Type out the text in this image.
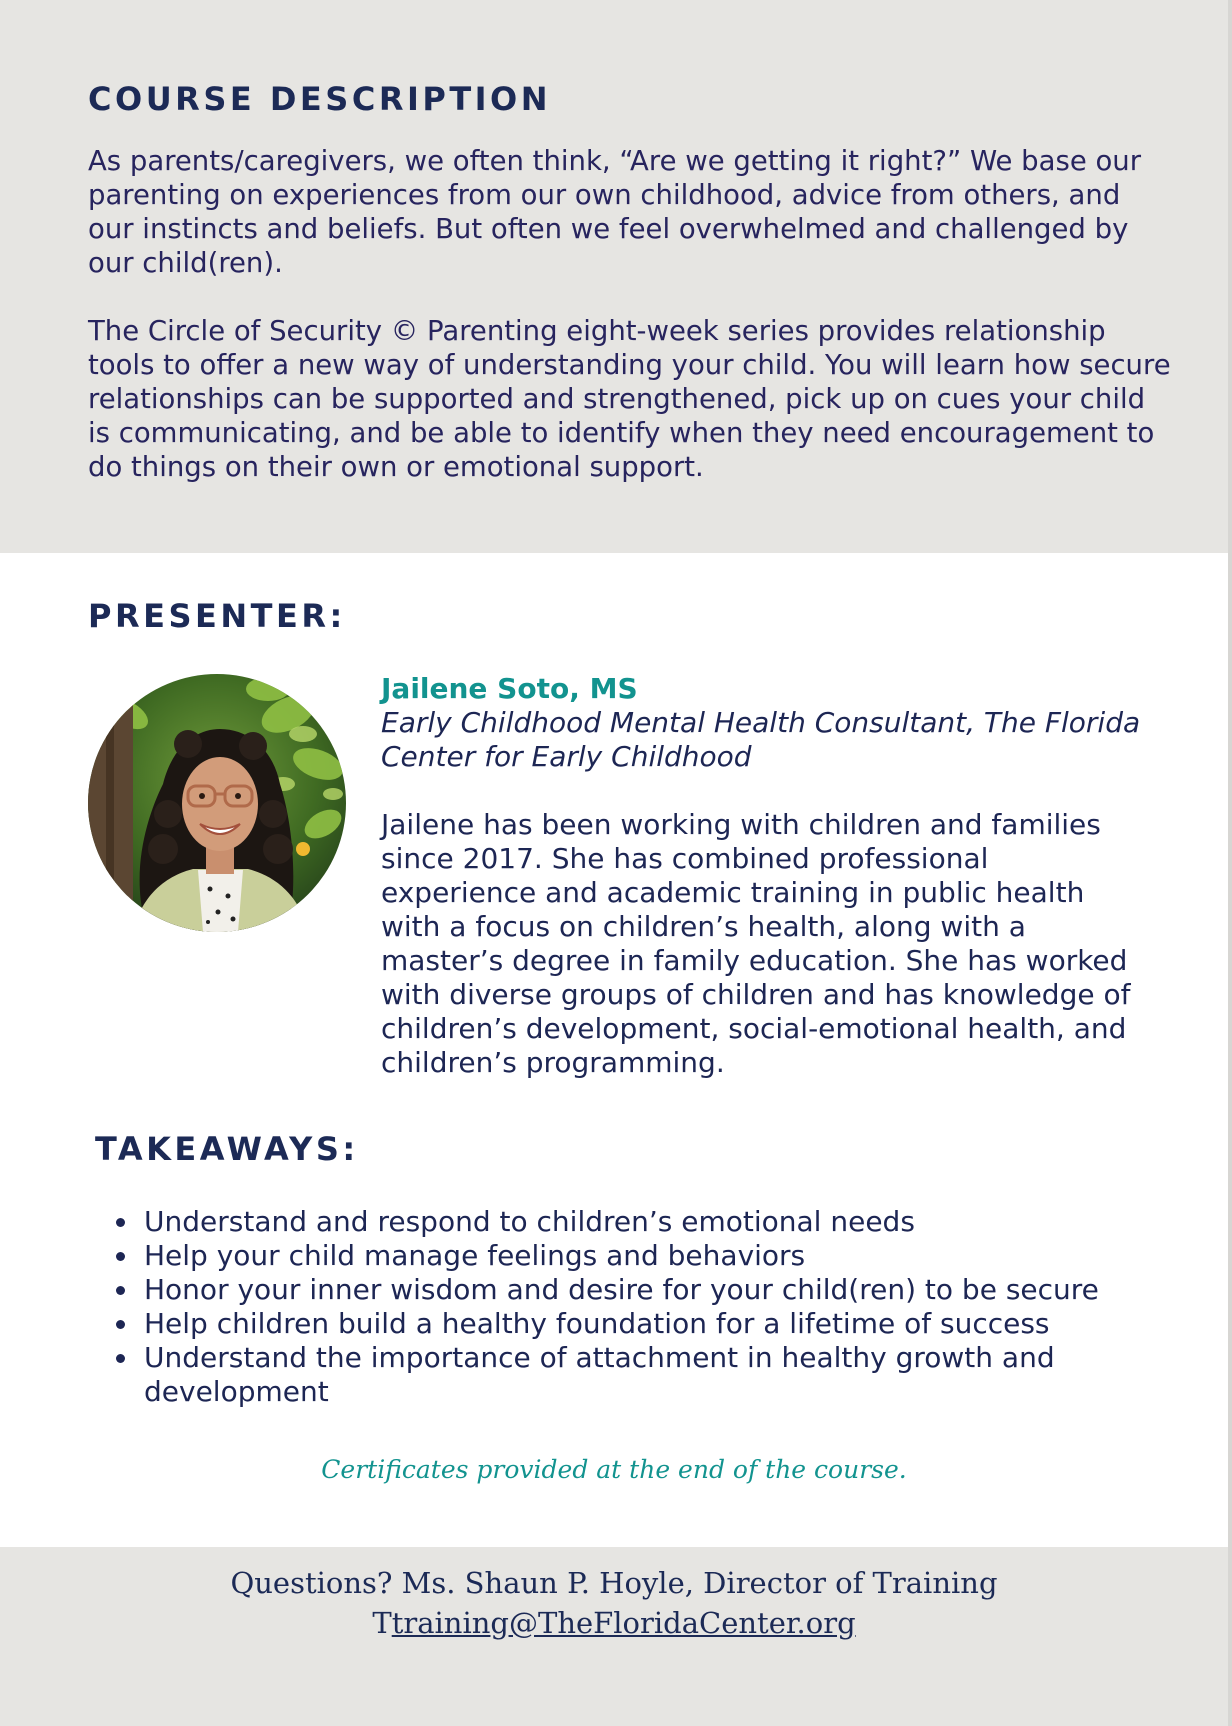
COURSE DESCRIPTION

As parents/caregivers, we often think, “Are we getting it right?” We base our parenting on experiences from our own childhood, advice from others, and our instincts and beliefs. But often we feel overwhelmed and challenged by our child(ren).

The Circle of Security © Parenting eight-week series provides relationship tools to offer a new way of understanding your child. You will learn how secure relationships can be supported and strengthened, pick up on cues your child is communicating, and be able to identify when they need encouragement to do things on their own or emotional support.

PRESENTER:
Jailene Soto, MS

Early Childhood Mental Health Consultant, The Florida Center for Early Childhood

Jailene has been working with children and families since 2017. She has combined professional experience and academic training in public health with a focus on children’s health, along with a master’s degree in family education. She has worked with diverse groups of children and has knowledge of children’s development, social-emotional health, and children’s programming.

TAKEAWAYS:
Understand and respond to children’s emotional needs
Help your child manage feelings and behaviors
Honor your inner wisdom and desire for your child(ren) to be secure
Help children build a healthy foundation for a lifetime of success
Understand the importance of attachment in healthy growth and development
Certificates provided at the end of the course.
Questions? Ms. Shaun P. Hoyle, Director of Training
Ttraining@TheFloridaCenter.org
